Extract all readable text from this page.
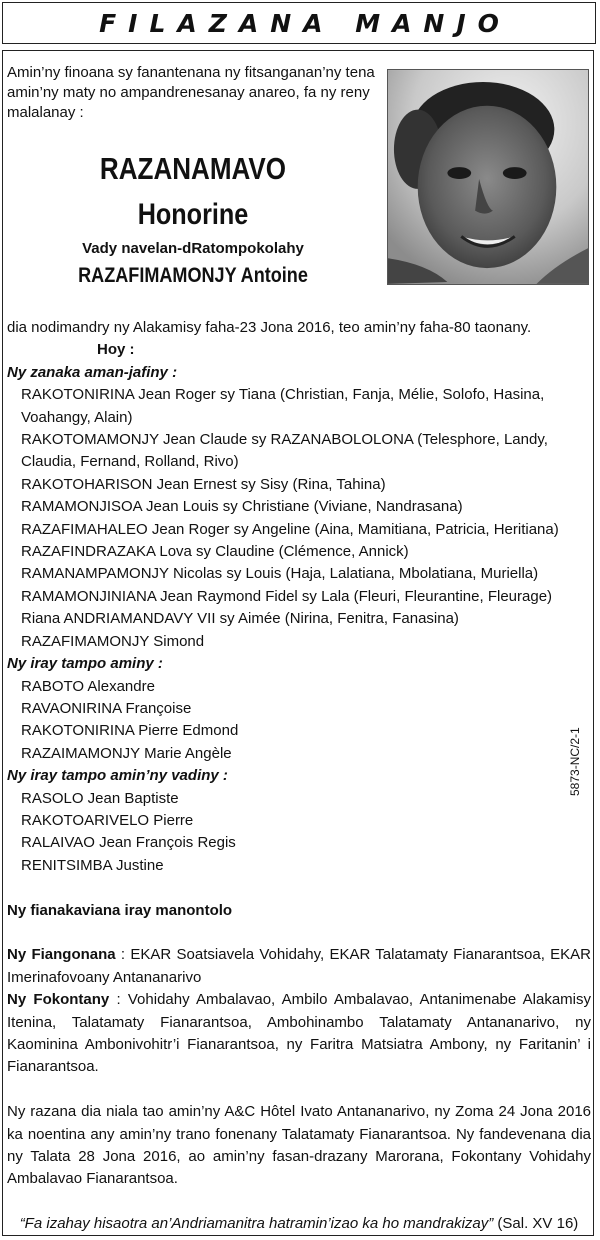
FILAZANA MANJO
Amin’ny finoana sy fanantenana ny fitsanganan’ny tena amin’ny maty no ampandrenesanay anareo, fa ny reny malalanay :
RAZANAMAVO
Honorine
Vady navelan-dRatompokolahy
RAZAFIMAMONJY Antoine

dia nodimandry ny Alakamisy faha-23 Jona 2016, teo amin’ny faha-80 taonany.

Hoy :

Ny zanaka aman-jafiny :

RAKOTONIRINA Jean Roger sy Tiana (Christian, Fanja, Mélie, Solofo, Hasina,

Voahangy, Alain)

RAKOTOMAMONJY Jean Claude sy RAZANABOLOLONA (Telesphore, Landy,

Claudia, Fernand, Rolland, Rivo)

RAKOTOHARISON Jean Ernest sy Sisy (Rina, Tahina)

RAMAMONJISOA Jean Louis sy Christiane (Viviane, Nandrasana)

RAZAFIMAHALEO Jean Roger sy Angeline (Aina, Mamitiana, Patricia, Heritiana)

RAZAFINDRAZAKA Lova sy Claudine (Clémence, Annick)

RAMANAMPAMONJY Nicolas sy Louis (Haja, Lalatiana, Mbolatiana, Muriella)

RAMAMONJINIANA Jean Raymond Fidel sy Lala (Fleuri, Fleurantine, Fleurage)

Riana ANDRIAMANDAVY VII sy Aimée (Nirina, Fenitra, Fanasina)

RAZAFIMAMONJY Simond

Ny iray tampo aminy :

RABOTO Alexandre

RAVAONIRINA Françoise

RAKOTONIRINA Pierre Edmond

RAZAIMAMONJY Marie Angèle

Ny iray tampo amin’ny vadiny :

RASOLO Jean Baptiste

RAKOTOARIVELO Pierre

RALAIVAO Jean François Regis

RENITSIMBA Justine

Ny fianakaviana iray manontolo

Ny Fiangonana : EKAR Soatsiavela Vohidahy, EKAR Talatamaty Fianarantsoa, EKAR Imerinafovoany Antananarivo

Ny Fokontany : Vohidahy Ambalavao, Ambilo Ambalavao, Antanimenabe Alakamisy Itenina, Talatamaty Fianarantsoa, Ambohinambo Talatamaty Antananarivo, ny Kaominina Ambonivohitr’i Fianarantsoa, ny Faritra Matsiatra Ambony, ny Faritanin’ i Fianarantsoa.

Ny razana dia niala tao amin’ny A&C Hôtel Ivato Antananarivo, ny Zoma 24 Jona 2016 ka noentina any amin’ny trano fonenany Talatamaty Fianarantsoa. Ny fandevenana dia ny Talata 28 Jona 2016, ao amin’ny fasan-drazany Marorana, Fokontany Vohidahy Ambalavao Fianarantsoa.

“Fa izahay hisaotra an’Andriamanitra hatramin’izao ka ho mandrakizay” (Sal. XV 16)

5873-NC/2-1
